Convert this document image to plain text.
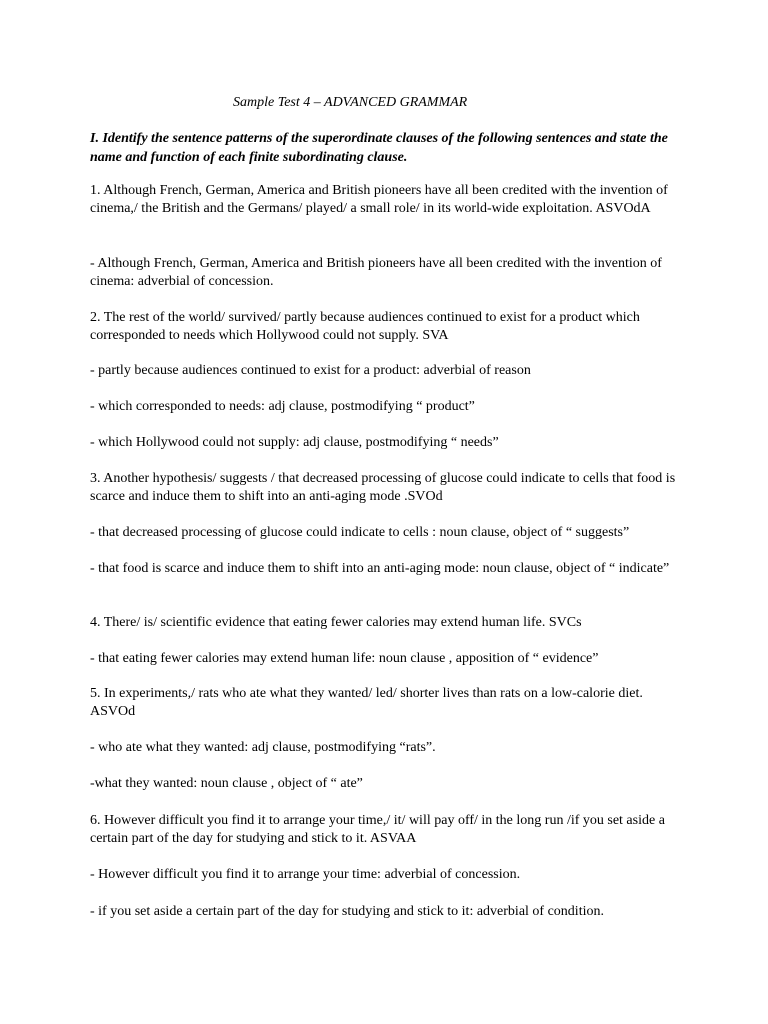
Sample Test 4 – ADVANCED GRAMMAR
I. Identify the sentence patterns of the superordinate clauses of the following sentences and state the name and function of each finite subordinating clause.
1. Although French, German, America and British pioneers have all been credited with the invention of cinema,/ the British and the Germans/ played/ a small role/ in its world-wide exploitation. ASVOdA
- Although French, German, America and British pioneers have all been credited with the invention of cinema: adverbial of concession.
2. The rest of the world/ survived/ partly because audiences continued to exist for a product which corresponded to needs which Hollywood could not supply. SVA
- partly because audiences continued to exist for a product: adverbial of reason
- which corresponded to needs: adj clause, postmodifying “ product”
- which Hollywood could not supply: adj clause, postmodifying “ needs”
3. Another hypothesis/ suggests / that decreased processing of glucose could indicate to cells that food is scarce and induce them to shift into an anti-aging mode .SVOd
- that decreased processing of glucose could indicate to cells : noun clause, object of “ suggests”
- that food is scarce and induce them to shift into an anti-aging mode: noun clause, object of “ indicate”
4. There/ is/ scientific evidence that eating fewer calories may extend human life. SVCs
- that eating fewer calories may extend human life: noun clause , apposition of “ evidence”
5. In experiments,/ rats who ate what they wanted/ led/ shorter lives than rats on a low-calorie diet. ASVOd
- who ate what they wanted: adj clause, postmodifying “rats”.
-what they wanted: noun clause , object of “ ate”
6. However difficult you find it to arrange your time,/ it/ will pay off/ in the long run /if you set aside a certain part of the day for studying and stick to it. ASVAA
- However difficult you find it to arrange your time: adverbial of concession.
- if you set aside a certain part of the day for studying and stick to it: adverbial of condition.
